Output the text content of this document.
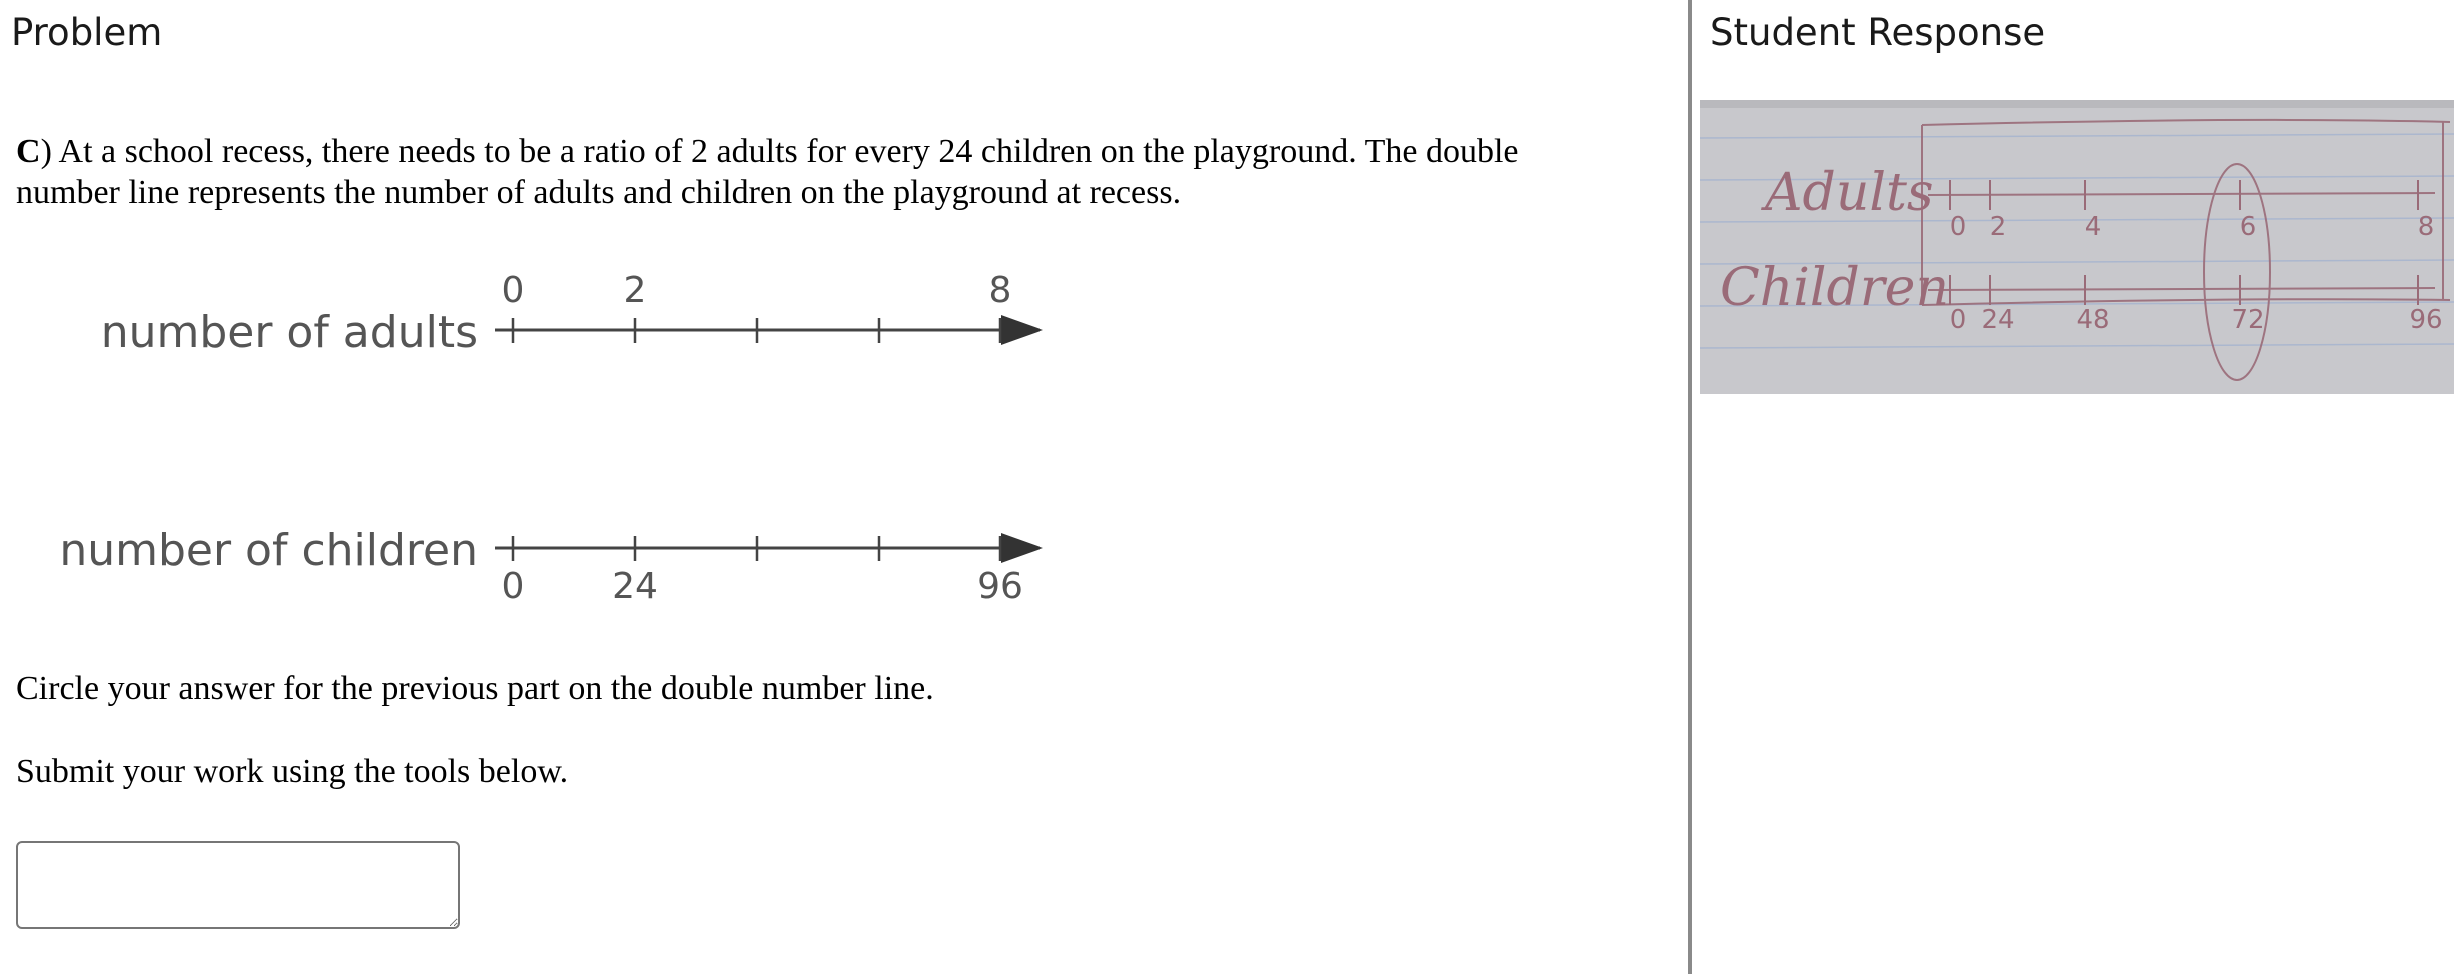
Problem	Student Response

C) At a school recess, there needs to be a ratio of 2 adults for every 24 children on the playground. The double number line represents the number of adults and children on the playground at recess.

number of adults
0	2	8
number of children
0 24	96

Circle your answer for the previous part on the double number line.

Submit your work using the tools below.

Adults
Children
0
0
2
24
4
48
6
72
8
96
